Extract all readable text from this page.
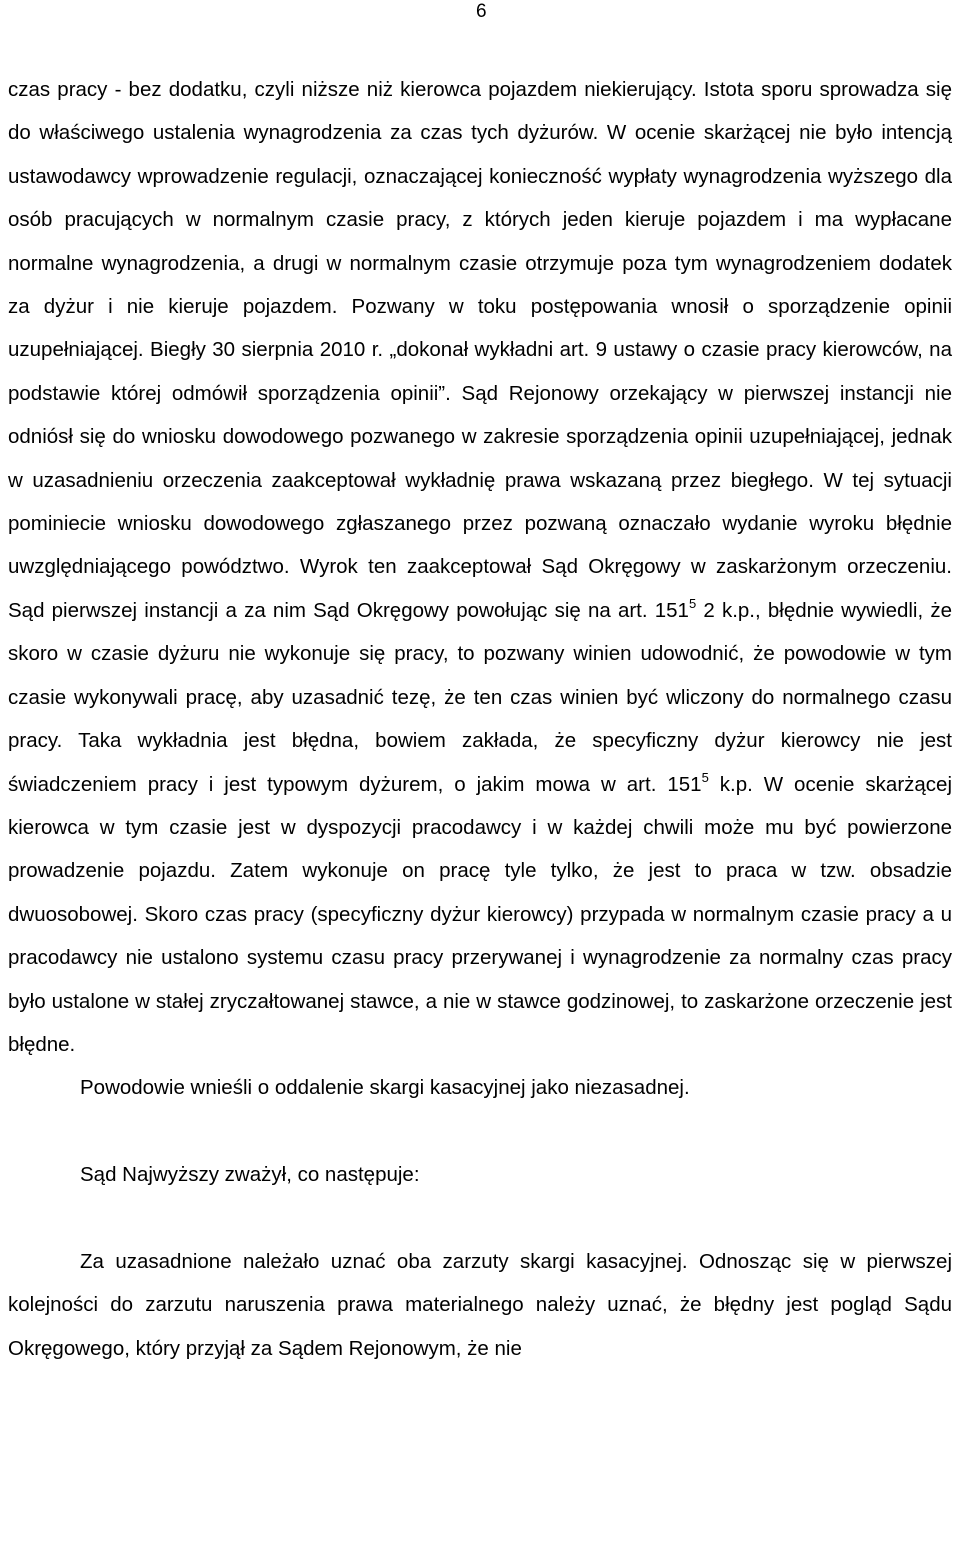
6

czas pracy - bez dodatku, czyli niższe niż kierowca pojazdem niekierujący. Istota sporu sprowadza się do właściwego ustalenia wynagrodzenia za czas tych dyżurów. W ocenie skarżącej nie było intencją ustawodawcy wprowadzenie regulacji, oznaczającej konieczność wypłaty wynagrodzenia wyższego dla osób pracujących w normalnym czasie pracy, z których jeden kieruje pojazdem i ma wypłacane normalne wynagrodzenia, a drugi w normalnym czasie otrzymuje poza tym wynagrodzeniem dodatek za dyżur i nie kieruje pojazdem. Pozwany w toku postępowania wnosił o sporządzenie opinii uzupełniającej. Biegły 30 sierpnia 2010 r. „dokonał wykładni art. 9 ustawy o czasie pracy kierowców, na podstawie której odmówił sporządzenia opinii”. Sąd Rejonowy orzekający w pierwszej instancji nie odniósł się do wniosku dowodowego pozwanego w zakresie sporządzenia opinii uzupełniającej, jednak w uzasadnieniu orzeczenia zaakceptował wykładnię prawa wskazaną przez biegłego. W tej sytuacji pominiecie wniosku dowodowego zgłaszanego przez pozwaną oznaczało wydanie wyroku błędnie uwzględniającego powództwo. Wyrok ten zaakceptował Sąd Okręgowy w zaskarżonym orzeczeniu. Sąd pierwszej instancji a za nim Sąd Okręgowy powołując się na art. $151^5$ 2 k.p., błędnie wywiedli, że skoro w czasie dyżuru nie wykonuje się pracy, to pozwany winien udowodnić, że powodowie w tym czasie wykonywali pracę, aby uzasadnić tezę, że ten czas winien być wliczony do normalnego czasu pracy. Taka wykładnia jest błędna, bowiem zakłada, że specyficzny dyżur kierowcy nie jest świadczeniem pracy i jest typowym dyżurem, o jakim mowa w art. $151^5$ k.p. W ocenie skarżącej kierowca w tym czasie jest w dyspozycji pracodawcy i w każdej chwili może mu być powierzone prowadzenie pojazdu. Zatem wykonuje on pracę tyle tylko, że jest to praca w tzw. obsadzie dwuosobowej. Skoro czas pracy (specyficzny dyżur kierowcy) przypada w normalnym czasie pracy a u pracodawcy nie ustalono systemu czasu pracy przerywanej i wynagrodzenie za normalny czas pracy było ustalone w stałej zryczałtowanej stawce, a nie w stawce godzinowej, to zaskarżone orzeczenie jest błędne.

Powodowie wnieśli o oddalenie skargi kasacyjnej jako niezasadnej.

Sąd Najwyższy zważył, co następuje:

Za uzasadnione należało uznać oba zarzuty skargi kasacyjnej. Odnosząc się w pierwszej kolejności do zarzutu naruszenia prawa materialnego należy uznać, że błędny jest pogląd Sądu Okręgowego, który przyjął za Sądem Rejonowym, że nie
